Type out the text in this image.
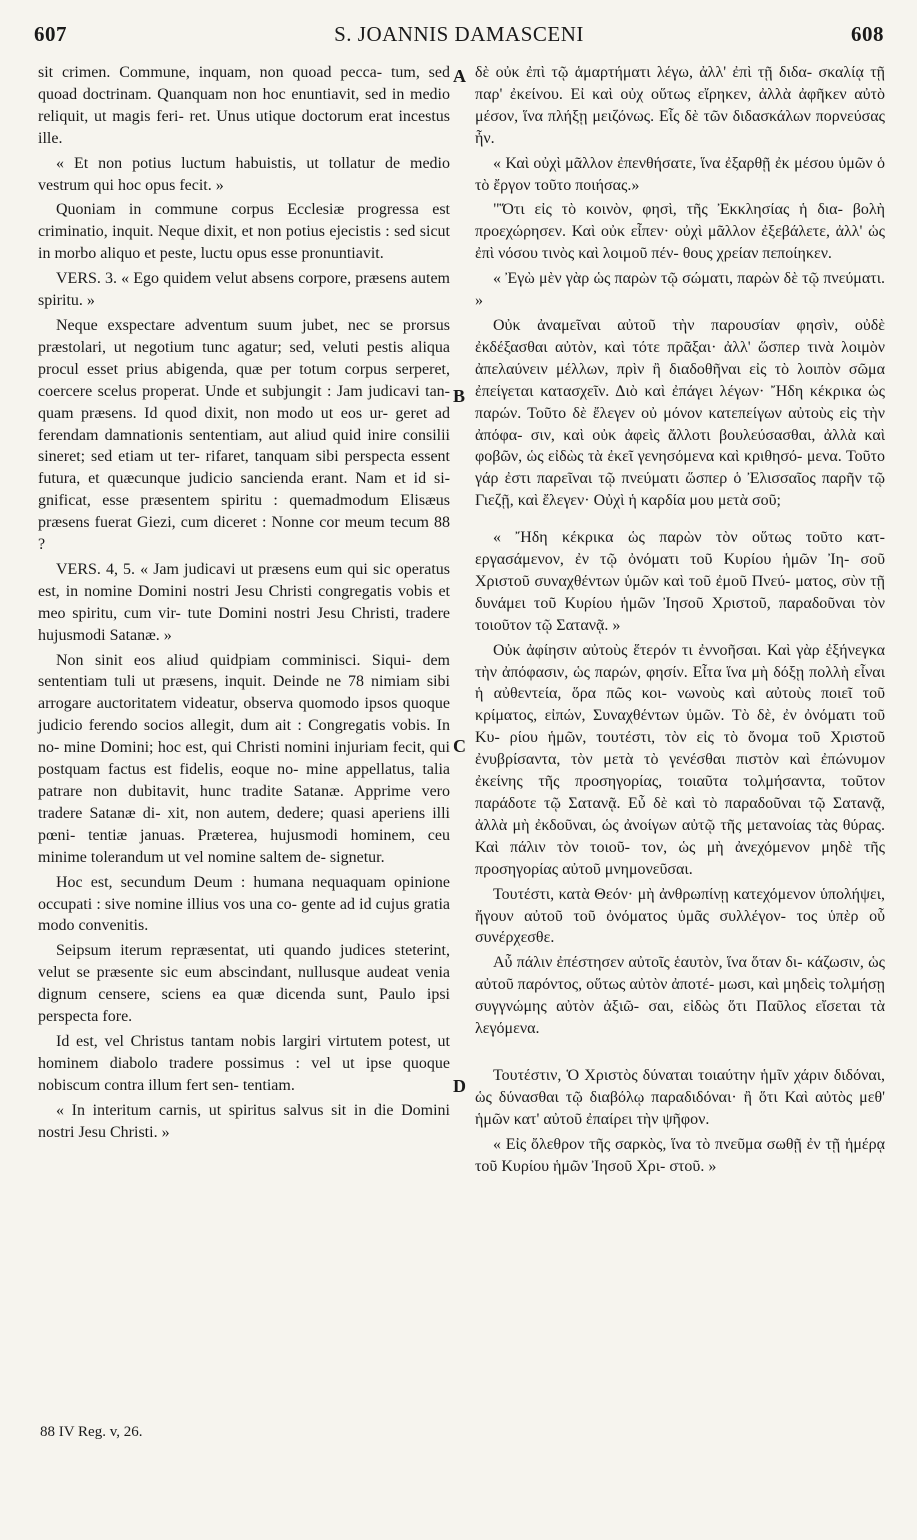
607	S. JOANNIS DAMASCENI	608

sit crimen. Commune, inquam, non quoad pecca- tum, sed quoad doctrinam. Quanquam non hoc enuntiavit, sed in medio reliquit, ut magis feri- ret. Unus utique doctorum erat incestus ille.

« Et non potius luctum habuistis, ut tollatur de medio vestrum qui hoc opus fecit. »

Quoniam in commune corpus Ecclesiæ progressa est criminatio, inquit. Neque dixit, et non potius ejecistis : sed sicut in morbo aliquo et peste, luctu opus esse pronuntiavit.

VERS. 3. « Ego quidem velut absens corpore, præsens autem spiritu. »

Neque exspectare adventum suum jubet, nec se prorsus præstolari, ut negotium tunc agatur; sed, veluti pestis aliqua procul esset prius abigenda, quæ per totum corpus serperet, coercere scelus properat. Unde et subjungit : Jam judicavi tan- quam præsens. Id quod dixit, non modo ut eos ur- geret ad ferendam damnationis sententiam, aut aliud quid inire consilii sineret; sed etiam ut ter- rifaret, tanquam sibi perspecta essent futura, et quæcunque judicio sancienda erant. Nam et id si- gnificat, esse præsentem spiritu : quemadmodum Elisæus præsens fuerat Giezi, cum diceret : Nonne cor meum tecum 88 ?

VERS. 4, 5. « Jam judicavi ut præsens eum qui sic operatus est, in nomine Domini nostri Jesu Christi congregatis vobis et meo spiritu, cum vir- tute Domini nostri Jesu Christi, tradere hujusmodi Satanæ. »

Non sinit eos aliud quidpiam comminisci. Siqui- dem sententiam tuli ut præsens, inquit. Deinde ne 78 nimiam sibi arrogare auctoritatem videatur, observa quomodo ipsos quoque judicio ferendo socios allegit, dum ait : Congregatis vobis. In no- mine Domini; hoc est, qui Christi nomini injuriam fecit, qui postquam factus est fidelis, eoque no- mine appellatus, talia patrare non dubitavit, hunc tradite Satanæ. Apprime vero tradere Satanæ di- xit, non autem, dedere; quasi aperiens illi pœni- tentiæ januas. Præterea, hujusmodi hominem, ceu minime tolerandum ut vel nomine saltem de- signetur.

Hoc est, secundum Deum : humana nequaquam opinione occupati : sive nomine illius vos una co- gente ad id cujus gratia modo convenitis.

Seipsum iterum repræsentat, uti quando judices steterint, velut se præsente sic eum abscindant, nullusque audeat venia dignum censere, sciens ea quæ dicenda sunt, Paulo ipsi perspecta fore.

Id est, vel Christus tantam nobis largiri virtutem potest, ut hominem diabolo tradere possimus : vel ut ipse quoque nobiscum contra illum fert sen- tentiam.

« In interitum carnis, ut spiritus salvus sit in die Domini nostri Jesu Christi. »

δὲ οὐκ ἐπὶ τῷ ἁμαρτήματι λέγω, ἀλλ' ἐπὶ τῇ διδα- σκαλίᾳ τῇ παρ' ἐκείνου. Εἰ καὶ οὐχ οὕτως εἴρηκεν, ἀλλὰ ἀφῆκεν αὐτὸ μέσον, ἵνα πλήξῃ μειζόνως. Εἷς δὲ τῶν διδασκάλων πορνεύσας ἦν.

« Καὶ οὐχὶ μᾶλλον ἐπενθήσατε, ἵνα ἐξαρθῇ ἐκ μέσου ὑμῶν ὁ τὸ ἔργον τοῦτο ποιήσας.»

"Ὅτι εἰς τὸ κοινὸν, φησὶ, τῆς Ἐκκλησίας ἡ δια- βολὴ προεχώρησεν. Καὶ οὐκ εἶπεν· οὐχὶ μᾶλλον ἐξεβάλετε, ἀλλ' ὡς ἐπὶ νόσου τινὸς καὶ λοιμοῦ πέν- θους χρείαν πεποίηκεν.

« Ἐγὼ μὲν γὰρ ὡς παρὼν τῷ σώματι, παρὼν δὲ τῷ πνεύματι. »

Οὐκ ἀναμεῖναι αὐτοῦ τὴν παρουσίαν φησὶν, οὐδὲ ἐκδέξασθαι αὐτὸν, καὶ τότε πρᾶξαι· ἀλλ' ὥσπερ τινὰ λοιμὸν ἀπελαύνειν μέλλων, πρὶν ἢ διαδοθῆναι εἰς τὸ λοιπὸν σῶμα ἐπείγεται κατασχεῖν. Διὸ καὶ ἐπάγει λέγων· Ἤδη κέκρικα ὡς παρών. Τοῦτο δὲ ἔλεγεν οὐ μόνον κατεπείγων αὐτοὺς εἰς τὴν ἀπόφα- σιν, καὶ οὐκ ἀφεὶς ἄλλοτι βουλεύσασθαι, ἀλλὰ καὶ φοβῶν, ὡς εἰδὼς τὰ ἐκεῖ γενησόμενα καὶ κριθησό- μενα. Τοῦτο γάρ ἐστι παρεῖναι τῷ πνεύματι ὥσπερ ὁ Ἐλισσαῖος παρῆν τῷ Γιεζῇ, καὶ ἔλεγεν· Οὐχὶ ἡ καρδία μου μετὰ σοῦ;

« Ἤδη κέκρικα ὡς παρὼν τὸν οὕτως τοῦτο κατ- εργασάμενον, ἐν τῷ ὀνόματι τοῦ Κυρίου ἡμῶν Ἰη- σοῦ Χριστοῦ συναχθέντων ὑμῶν καὶ τοῦ ἐμοῦ Πνεύ- ματος, σὺν τῇ δυνάμει τοῦ Κυρίου ἡμῶν Ἰησοῦ Χριστοῦ, παραδοῦναι τὸν τοιοῦτον τῷ Σατανᾷ. »

Οὐκ ἀφίησιν αὐτοὺς ἕτερόν τι ἐννοῆσαι. Καὶ γὰρ ἐξήνεγκα τὴν ἀπόφασιν, ὡς παρών, φησίν. Εἶτα ἵνα μὴ δόξῃ πολλὴ εἶναι ἡ αὐθεντεία, ὅρα πῶς κοι- νωνοὺς καὶ αὐτοὺς ποιεῖ τοῦ κρίματος, εἰπών, Συναχθέντων ὑμῶν. Τὸ δὲ, ἐν ὀνόματι τοῦ Κυ- ρίου ἡμῶν, τουτέστι, τὸν εἰς τὸ ὄνομα τοῦ Χριστοῦ ἐνυβρίσαντα, τὸν μετὰ τὸ γενέσθαι πιστὸν καὶ ἐπώνυμον ἐκείνης τῆς προσηγορίας, τοιαῦτα τολμήσαντα, τοῦτον παράδοτε τῷ Σατανᾷ. Εὖ δὲ καὶ τὸ παραδοῦναι τῷ Σατανᾷ, ἀλλὰ μὴ ἐκδοῦναι, ὡς ἀνοίγων αὐτῷ τῆς μετανοίας τὰς θύρας. Καὶ πάλιν τὸν τοιοῦ- τον, ὡς μὴ ἀνεχόμενον μηδὲ τῆς προσηγορίας αὐτοῦ μνημονεῦσαι.

Τουτέστι, κατὰ Θεόν· μὴ ἀνθρωπίνῃ κατεχόμενον ὑπολήψει, ἤγουν αὐτοῦ τοῦ ὀνόματος ὑμᾶς συλλέγον- τος ὑπὲρ οὗ συνέρχεσθε.

Αὖ πάλιν ἐπέστησεν αὐτοῖς ἑαυτὸν, ἵνα ὅταν δι- κάζωσιν, ὡς αὐτοῦ παρόντος, οὕτως αὐτὸν ἀποτέ- μωσι, καὶ μηδεὶς τολμήσῃ συγγνώμης αὐτὸν ἀξιῶ- σαι, εἰδὼς ὅτι Παῦλος εἴσεται τὰ λεγόμενα.

Τουτέστιν, Ὁ Χριστὸς δύναται τοιαύτην ἡμῖν χάριν διδόναι, ὡς δύνασθαι τῷ διαβόλῳ παραδιδόναι· ἢ ὅτι Καὶ αὐτὸς μεθ' ἡμῶν κατ' αὐτοῦ ἐπαίρει τὴν ψῆφον.

« Εἰς ὄλεθρον τῆς σαρκὸς, ἵνα τὸ πνεῦμα σωθῇ ἐν τῇ ἡμέρᾳ τοῦ Κυρίου ἡμῶν Ἰησοῦ Χρι- στοῦ. »

A
B
C
D
88 IV Reg. v, 26.
